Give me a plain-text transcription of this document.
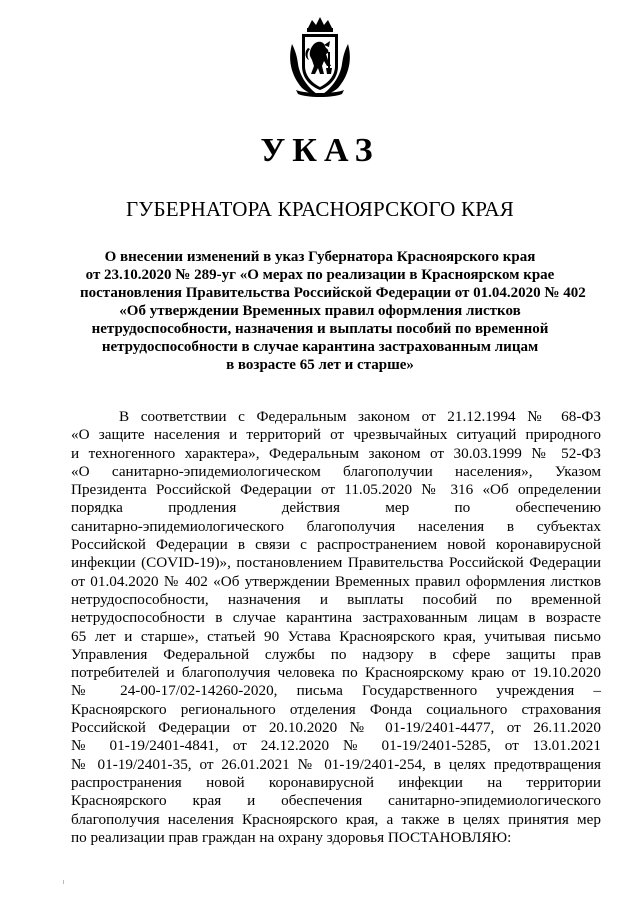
УКАЗ
ГУБЕРНАТОРА КРАСНОЯРСКОГО КРАЯ
О внесении изменений в указ Губернатора Красноярского края
от 23.10.2020 № 289-уг «О мерах по реализации в Красноярском крае
постановления Правительства Российской Федерации от 01.04.2020 № 402
«Об утверждении Временных правил оформления листков
нетрудоспособности, назначения и выплаты пособий по временной
нетрудоспособности в случае карантина застрахованным лицам
в возрасте 65 лет и старше»
В соответствии с Федеральным законом от 21.12.1994 № 68-ФЗ
«О защите населения и территорий от чрезвычайных ситуаций природного
и техногенного характера», Федеральным законом от 30.03.1999 № 52-ФЗ
«О санитарно-эпидемиологическом благополучии населения», Указом
Президента Российской Федерации от 11.05.2020 № 316 «Об определении
порядка продления действия мер по обеспечению
санитарно-эпидемиологического благополучия населения в субъектах
Российской Федерации в связи с распространением новой коронавирусной
инфекции (COVID-19)», постановлением Правительства Российской Федерации
от 01.04.2020 № 402 «Об утверждении Временных правил оформления листков
нетрудоспособности, назначения и выплаты пособий по временной
нетрудоспособности в случае карантина застрахованным лицам в возрасте
65 лет и старше», статьей 90 Устава Красноярского края, учитывая письмо
Управления Федеральной службы по надзору в сфере защиты прав
потребителей и благополучия человека по Красноярскому краю от 19.10.2020
№ 24-00-17/02-14260-2020, письма Государственного учреждения –
Красноярского регионального отделения Фонда социального страхования
Российской Федерации от 20.10.2020 № 01-19/2401-4477, от 26.11.2020
№ 01-19/2401-4841, от 24.12.2020 № 01-19/2401-5285, от 13.01.2021
№ 01-19/2401-35, от 26.01.2021 № 01-19/2401-254, в целях предотвращения
распространения новой коронавирусной инфекции на территории
Красноярского края и обеспечения санитарно-эпидемиологического
благополучия населения Красноярского края, а также в целях принятия мер
по реализации прав граждан на охрану здоровья ПОСТАНОВЛЯЮ:
